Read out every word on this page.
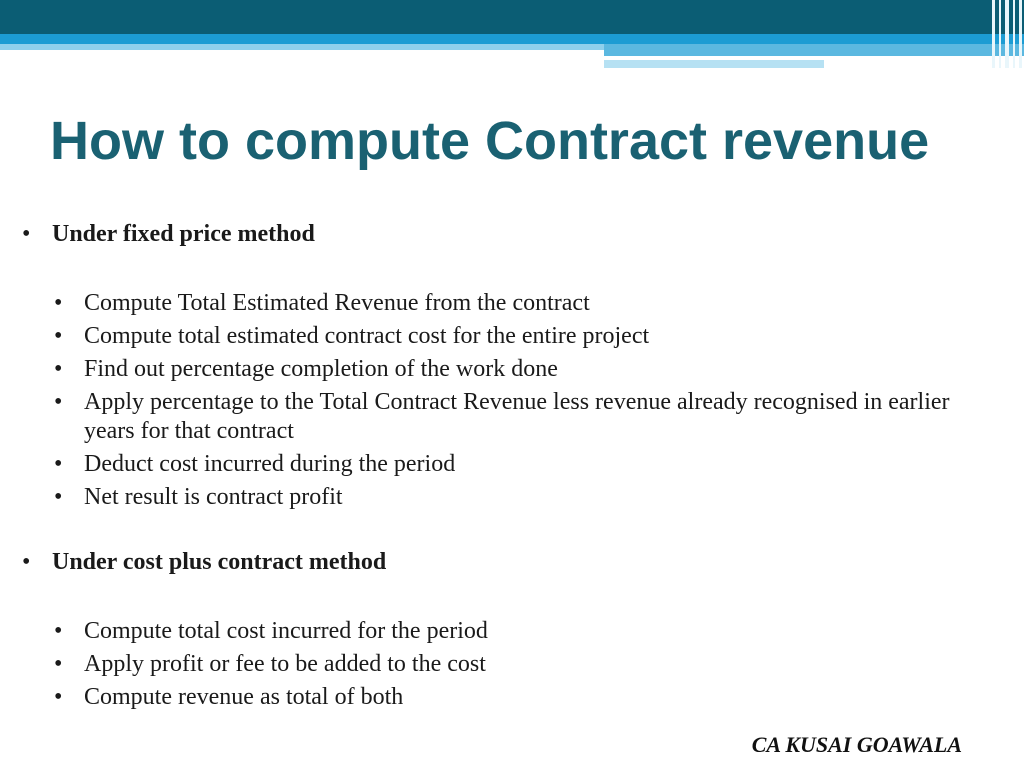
How to compute Contract revenue
• Under fixed price method
• Compute Total Estimated Revenue from the contract
• Compute total estimated contract cost for the entire project
• Find out percentage completion of the work done
• Apply percentage to the Total Contract Revenue less revenue already recognised in earlier years for that contract
• Deduct cost incurred during the period
• Net result is contract profit
• Under cost plus contract method
• Compute total cost incurred for the period
• Apply profit or fee to be added to the cost
• Compute revenue as total of both
CA KUSAI GOAWALA
